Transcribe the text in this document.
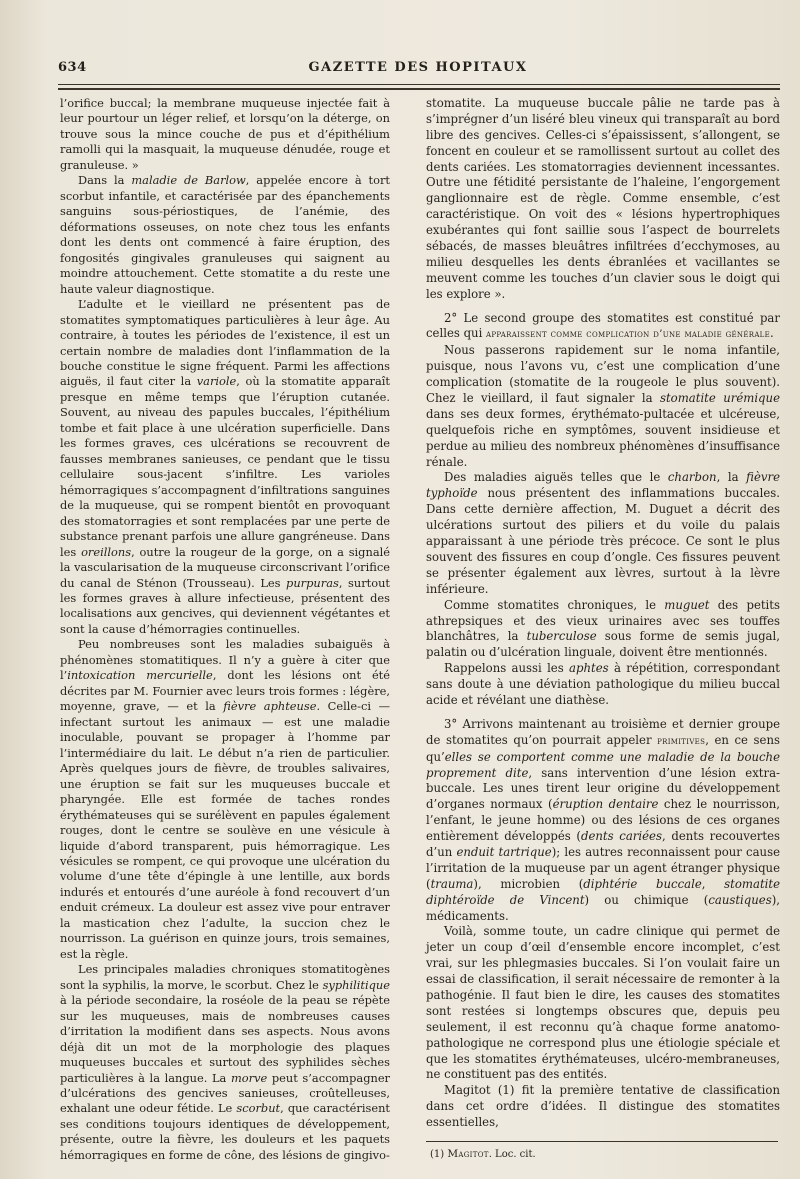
634	GAZETTE DES HOPITAUX

l’orifice buccal; la membrane muqueuse injectée fait à leur pourtour un léger relief, et lorsqu’on la déterge, on trouve sous la mince couche de pus et d’épithélium ramolli qui la masquait, la muqueuse dénudée, rouge et granuleuse. »

Dans la maladie de Barlow, appelée encore à tort scorbut infantile, et caractérisée par des épanchements sanguins sous-périostiques, de l’anémie, des déformations osseuses, on note chez tous les enfants dont les dents ont commencé à faire éruption, des fongosités gingivales granuleuses qui saignent au moindre attouchement. Cette stomatite a du reste une haute valeur diagnostique.

L’adulte et le vieillard ne présentent pas de stomatites symptomatiques particulières à leur âge. Au contraire, à toutes les périodes de l’existence, il est un certain nombre de maladies dont l’inflammation de la bouche constitue le signe fréquent. Parmi les affections aiguës, il faut citer la variole, où la stomatite apparaît presque en même temps que l’éruption cutanée. Souvent, au niveau des papules buccales, l’épithélium tombe et fait place à une ulcération superficielle. Dans les formes graves, ces ulcérations se recouvrent de fausses membranes sanieuses, ce pendant que le tissu cellulaire sous-jacent s’infiltre. Les varioles hémorragiques s’accompagnent d’infiltrations sanguines de la muqueuse, qui se rompent bientôt en provoquant des stomatorragies et sont remplacées par une perte de substance prenant parfois une allure gangréneuse. Dans les oreillons, outre la rougeur de la gorge, on a signalé la vascularisation de la muqueuse circonscrivant l’orifice du canal de Sténon (Trousseau). Les purpuras, surtout les formes graves à allure infectieuse, présentent des localisations aux gencives, qui deviennent végétantes et sont la cause d’hémorragies continuelles.

Peu nombreuses sont les maladies subaiguës à phénomènes stomatitiques. Il n’y a guère à citer que l’intoxication mercurielle, dont les lésions ont été décrites par M. Fournier avec leurs trois formes : légère, moyenne, grave, — et la fièvre aphteuse. Celle-ci — infectant surtout les animaux — est une maladie inoculable, pouvant se propager à l’homme par l’intermédiaire du lait. Le début n’a rien de particulier. Après quelques jours de fièvre, de troubles salivaires, une éruption se fait sur les muqueuses buccale et pharyngée. Elle est formée de taches rondes érythémateuses qui se surélèvent en papules également rouges, dont le centre se soulève en une vésicule à liquide d’abord transparent, puis hémorragique. Les vésicules se rompent, ce qui provoque une ulcération du volume d’une tête d’épingle à une lentille, aux bords indurés et entourés d’une auréole à fond recouvert d’un enduit crémeux. La douleur est assez vive pour entraver la mastication chez l’adulte, la succion chez le nourrisson. La guérison en quinze jours, trois semaines, est la règle.

Les principales maladies chroniques stomatitogènes sont la syphilis, la morve, le scorbut. Chez le syphilitique à la période secondaire, la roséole de la peau se répète sur les muqueuses, mais de nombreuses causes d’irritation la modifient dans ses aspects. Nous avons déjà dit un mot de la morphologie des plaques muqueuses buccales et surtout des syphilides sèches particulières à la langue. La morve peut s’accompagner d’ulcérations des gencives sanieuses, croûtelleuses, exhalant une odeur fétide. Le scorbut, que caractérisent ses conditions toujours identiques de développement, présente, outre la fièvre, les douleurs et les paquets hémorragiques en forme de cône, des lésions de gingivo-

stomatite. La muqueuse buccale pâlie ne tarde pas à s’imprégner d’un liséré bleu vineux qui transparaît au bord libre des gencives. Celles-ci s’épaississent, s’allongent, se foncent en couleur et se ramollissent surtout au collet des dents cariées. Les stomatorragies deviennent incessantes. Outre une fétidité persistante de l’haleine, l’engorgement ganglionnaire est de règle. Comme ensemble, c’est caractéristique. On voit des « lésions hypertrophiques exubérantes qui font saillie sous l’aspect de bourrelets sébacés, de masses bleuâtres infiltrées d’ecchymoses, au milieu desquelles les dents ébranlées et vacillantes se meuvent comme les touches d’un clavier sous le doigt qui les explore ».

2° Le second groupe des stomatites est constitué par celles qui apparaissent comme complication d’une maladie générale.

Nous passerons rapidement sur le noma infantile, puisque, nous l’avons vu, c’est une complication d’une complication (stomatite de la rougeole le plus souvent). Chez le vieillard, il faut signaler la stomatite urémique dans ses deux formes, érythémato-pultacée et ulcéreuse, quelquefois riche en symptômes, souvent insidieuse et perdue au milieu des nombreux phénomènes d’insuffisance rénale.

Des maladies aiguës telles que le charbon, la fièvre typhoïde nous présentent des inflammations buccales. Dans cette dernière affection, M. Duguet a décrit des ulcérations surtout des piliers et du voile du palais apparaissant à une période très précoce. Ce sont le plus souvent des fissures en coup d’ongle. Ces fissures peuvent se présenter également aux lèvres, surtout à la lèvre inférieure.

Comme stomatites chroniques, le muguet des petits athrepsiques et des vieux urinaires avec ses touffes blanchâtres, la tuberculose sous forme de semis jugal, palatin ou d’ulcération linguale, doivent être mentionnés.

Rappelons aussi les aphtes à répétition, correspondant sans doute à une déviation pathologique du milieu buccal acide et révélant une diathèse.

3° Arrivons maintenant au troisième et dernier groupe de stomatites qu’on pourrait appeler primitives, en ce sens qu’elles se comportent comme une maladie de la bouche proprement dite, sans intervention d’une lésion extra-buccale. Les unes tirent leur origine du développement d’organes normaux (éruption dentaire chez le nourrisson, l’enfant, le jeune homme) ou des lésions de ces organes entièrement développés (dents cariées, dents recouvertes d’un enduit tartrique); les autres reconnaissent pour cause l’irritation de la muqueuse par un agent étranger physique (trauma), microbien (diphtérie buccale, stomatite diphtéroïde de Vincent) ou chimique (caustiques), médicaments.

Voilà, somme toute, un cadre clinique qui permet de jeter un coup d’œil d’ensemble encore incomplet, c’est vrai, sur les phlegmasies buccales. Si l’on voulait faire un essai de classification, il serait nécessaire de remonter à la pathogénie. Il faut bien le dire, les causes des stomatites sont restées si longtemps obscures que, depuis peu seulement, il est reconnu qu’à chaque forme anatomo-pathologique ne correspond plus une étiologie spéciale et que les stomatites érythémateuses, ulcéro-membraneuses, ne constituent pas des entités.

Magitot (1) fit la première tentative de classification dans cet ordre d’idées. Il distingue des stomatites essentielles,

(1) Magitot. Loc. cit.
